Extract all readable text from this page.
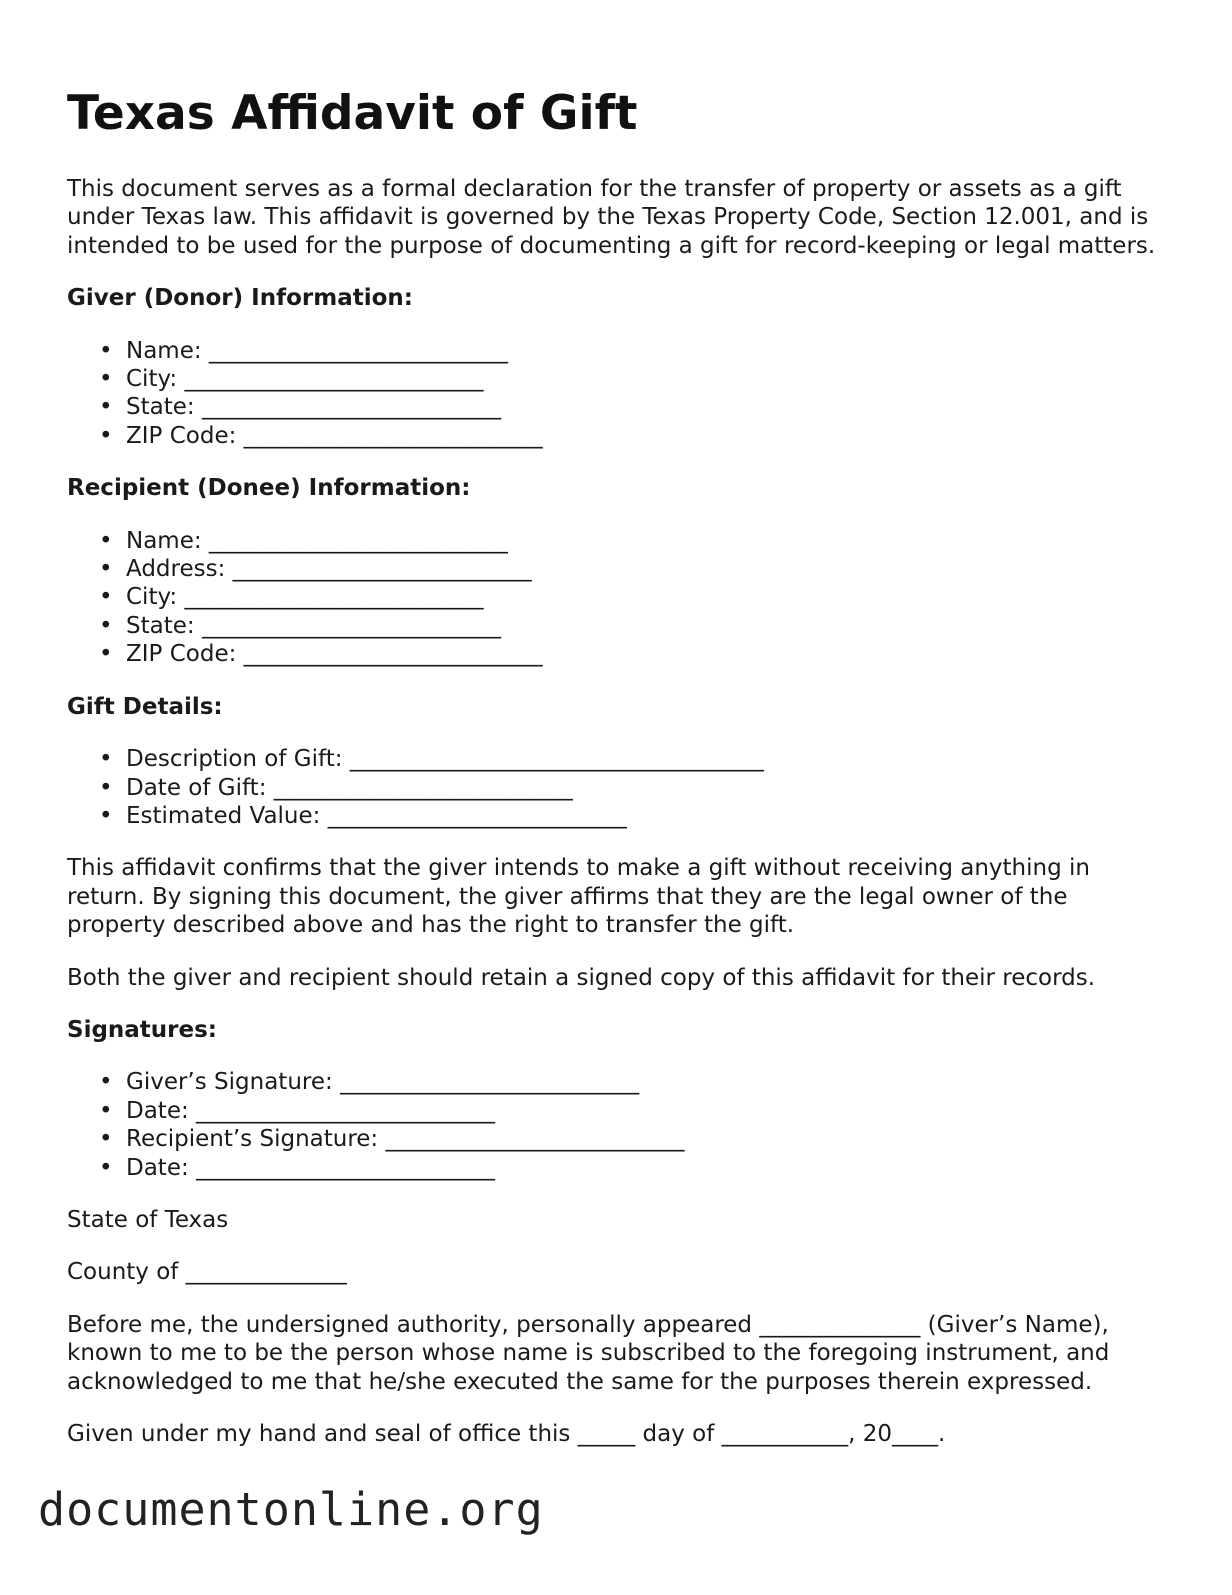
Texas Affidavit of Gift

This document serves as a formal declaration for the transfer of property or assets as a gift under Texas law. This affidavit is governed by the Texas Property Code, Section 12.001, and is intended to be used for the purpose of documenting a gift for record-keeping or legal matters.

Giver (Donor) Information:
• Name: __________________________
• City: __________________________
• State: __________________________
• ZIP Code: __________________________
Recipient (Donee) Information:
• Name: __________________________
• Address: __________________________
• City: __________________________
• State: __________________________
• ZIP Code: __________________________
Gift Details:
• Description of Gift: ____________________________________
• Date of Gift: __________________________
• Estimated Value: __________________________

This affidavit confirms that the giver intends to make a gift without receiving anything in return. By signing this document, the giver affirms that they are the legal owner of the property described above and has the right to transfer the gift.

Both the giver and recipient should retain a signed copy of this affidavit for their records.

Signatures:
• Giver’s Signature: __________________________
• Date: __________________________
• Recipient’s Signature: __________________________
• Date: __________________________
State of Texas
County of ______________

Before me, the undersigned authority, personally appeared ______________ (Giver’s Name), known to me to be the person whose name is subscribed to the foregoing instrument, and acknowledged to me that he/she executed the same for the purposes therein expressed.

Given under my hand and seal of office this _____ day of ___________, 20____.
documentonline.org
